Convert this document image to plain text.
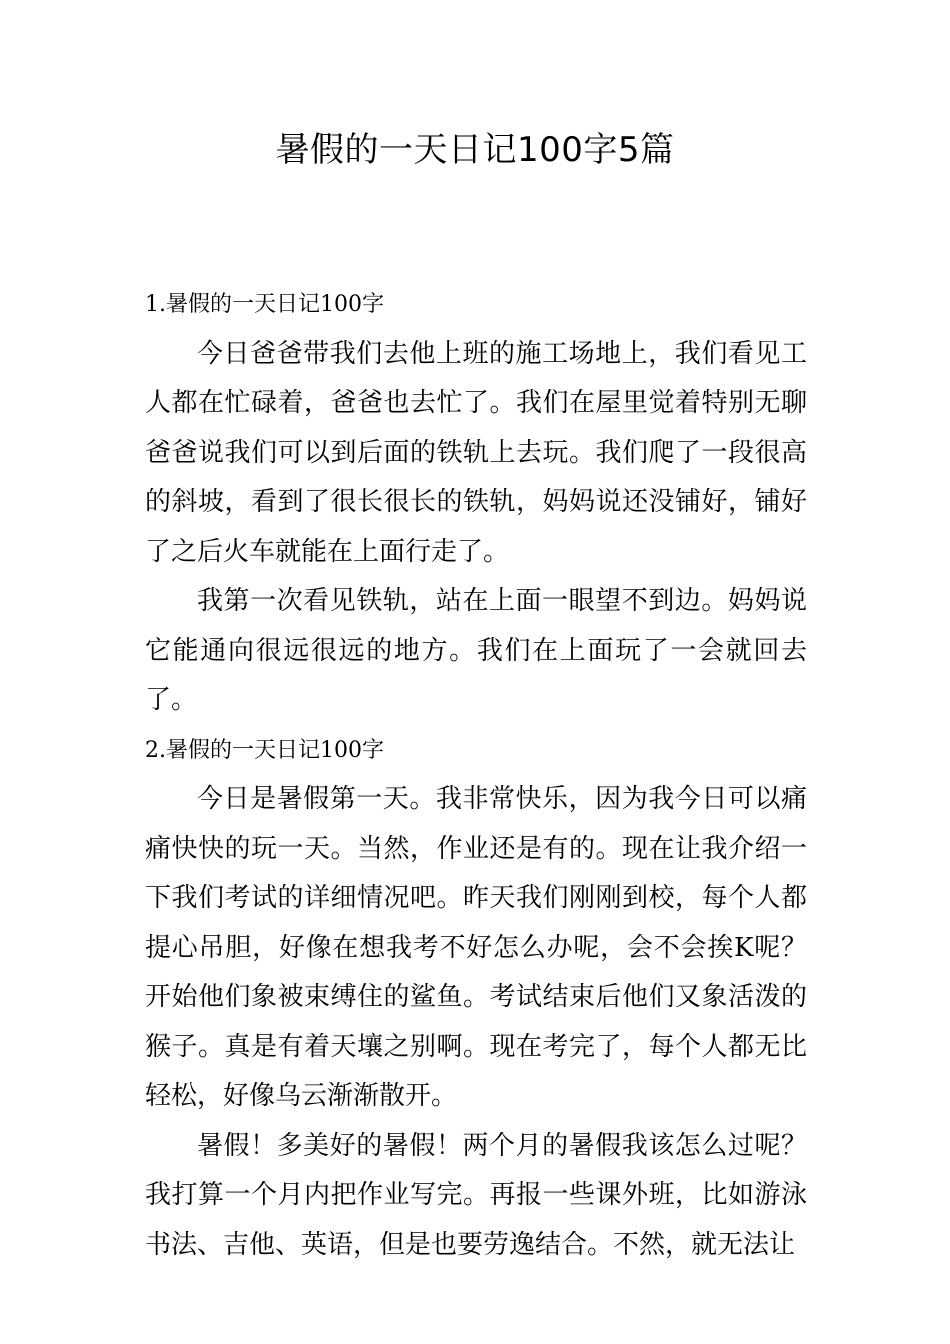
暑假的一天日记100字5篇
1.暑假的一天日记100字

今日爸爸带我们去他上班的施工场地上，我们看见工人都在忙碌着，爸爸也去忙了。我们在屋里觉着特别无聊爸爸说我们可以到后面的铁轨上去玩。我们爬了一段很高的斜坡，看到了很长很长的铁轨，妈妈说还没铺好，铺好了之后火车就能在上面行走了。

我第一次看见铁轨，站在上面一眼望不到边。妈妈说它能通向很远很远的地方。我们在上面玩了一会就回去了。

2.暑假的一天日记100字

今日是暑假第一天。我非常快乐，因为我今日可以痛痛快快的玩一天。当然，作业还是有的。现在让我介绍一下我们考试的详细情况吧。昨天我们刚刚到校，每个人都提心吊胆，好像在想我考不好怎么办呢，会不会挨K呢？开始他们象被束缚住的鲨鱼。考试结束后他们又象活泼的猴子。真是有着天壤之别啊。现在考完了，每个人都无比轻松，好像乌云渐渐散开。

暑假！多美好的暑假！两个月的暑假我该怎么过呢？我打算一个月内把作业写完。再报一些课外班，比如游泳书法、吉他、英语，但是也要劳逸结合。不然，就无法让
